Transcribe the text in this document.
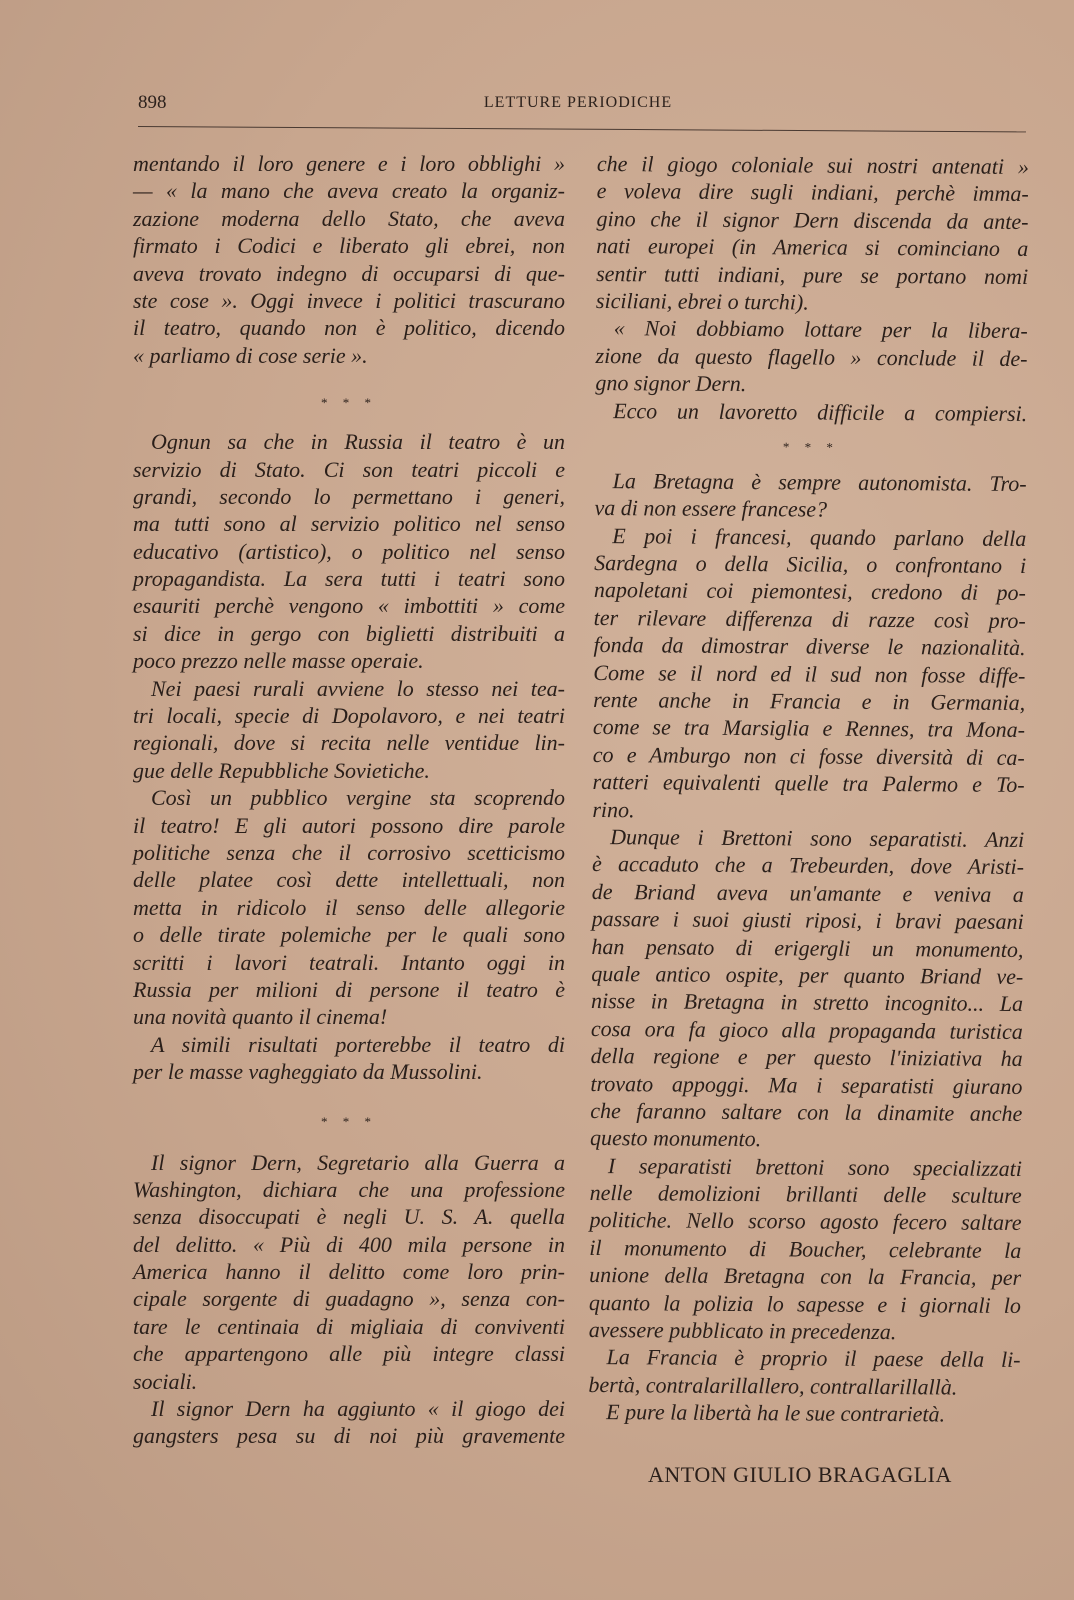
898	LETTURE PERIODICHE
mentando il loro genere e i loro obblighi »
— « la mano che aveva creato la organiz-
zazione moderna dello Stato, che aveva
firmato i Codici e liberato gli ebrei, non
aveva trovato indegno di occuparsi di que-
ste cose ». Oggi invece i politici trascurano
il teatro, quando non è politico, dicendo
« parliamo di cose serie ».
* * *
Ognun sa che in Russia il teatro è un
servizio di Stato. Ci son teatri piccoli e
grandi, secondo lo permettano i generi,
ma tutti sono al servizio politico nel senso
educativo (artistico), o politico nel senso
propagandista. La sera tutti i teatri sono
esauriti perchè vengono « imbottiti » come
si dice in gergo con biglietti distribuiti a
poco prezzo nelle masse operaie.
Nei paesi rurali avviene lo stesso nei tea-
tri locali, specie di Dopolavoro, e nei teatri
regionali, dove si recita nelle ventidue lin-
gue delle Repubbliche Sovietiche.
Così un pubblico vergine sta scoprendo
il teatro! E gli autori possono dire parole
politiche senza che il corrosivo scetticismo
delle platee così dette intellettuali, non
metta in ridicolo il senso delle allegorie
o delle tirate polemiche per le quali sono
scritti i lavori teatrali. Intanto oggi in
Russia per milioni di persone il teatro è
una novità quanto il cinema!
A simili risultati porterebbe il teatro di
per le masse vagheggiato da Mussolini.
* * *
Il signor Dern, Segretario alla Guerra a
Washington, dichiara che una professione
senza disoccupati è negli U. S. A. quella
del delitto. « Più di 400 mila persone in
America hanno il delitto come loro prin-
cipale sorgente di guadagno », senza con-
tare le centinaia di migliaia di conviventi
che appartengono alle più integre classi
sociali.
Il signor Dern ha aggiunto « il giogo dei
gangsters pesa su di noi più gravemente
che il giogo coloniale sui nostri antenati »
e voleva dire sugli indiani, perchè imma-
gino che il signor Dern discenda da ante-
nati europei (in America si cominciano a
sentir tutti indiani, pure se portano nomi
siciliani, ebrei o turchi).
« Noi dobbiamo lottare per la libera-
zione da questo flagello » conclude il de-
gno signor Dern.
Ecco un lavoretto difficile a compiersi.
* * *
La Bretagna è sempre autonomista. Tro-
va di non essere francese?
E poi i francesi, quando parlano della
Sardegna o della Sicilia, o confrontano i
napoletani coi piemontesi, credono di po-
ter rilevare differenza di razze così pro-
fonda da dimostrar diverse le nazionalità.
Come se il nord ed il sud non fosse diffe-
rente anche in Francia e in Germania,
come se tra Marsiglia e Rennes, tra Mona-
co e Amburgo non ci fosse diversità di ca-
ratteri equivalenti quelle tra Palermo e To-
rino.
Dunque i Brettoni sono separatisti. Anzi
è accaduto che a Trebeurden, dove Aristi-
de Briand aveva un'amante e veniva a
passare i suoi giusti riposi, i bravi paesani
han pensato di erigergli un monumento,
quale antico ospite, per quanto Briand ve-
nisse in Bretagna in stretto incognito... La
cosa ora fa gioco alla propaganda turistica
della regione e per questo l'iniziativa ha
trovato appoggi. Ma i separatisti giurano
che faranno saltare con la dinamite anche
questo monumento.
I separatisti brettoni sono specializzati
nelle demolizioni brillanti delle sculture
politiche. Nello scorso agosto fecero saltare
il monumento di Boucher, celebrante la
unione della Bretagna con la Francia, per
quanto la polizia lo sapesse e i giornali lo
avessere pubblicato in precedenza.
La Francia è proprio il paese della li-
bertà, contralarillallero, contrallarillallà.
E pure la libertà ha le sue contrarietà.
ANTON GIULIO BRAGAGLIA
